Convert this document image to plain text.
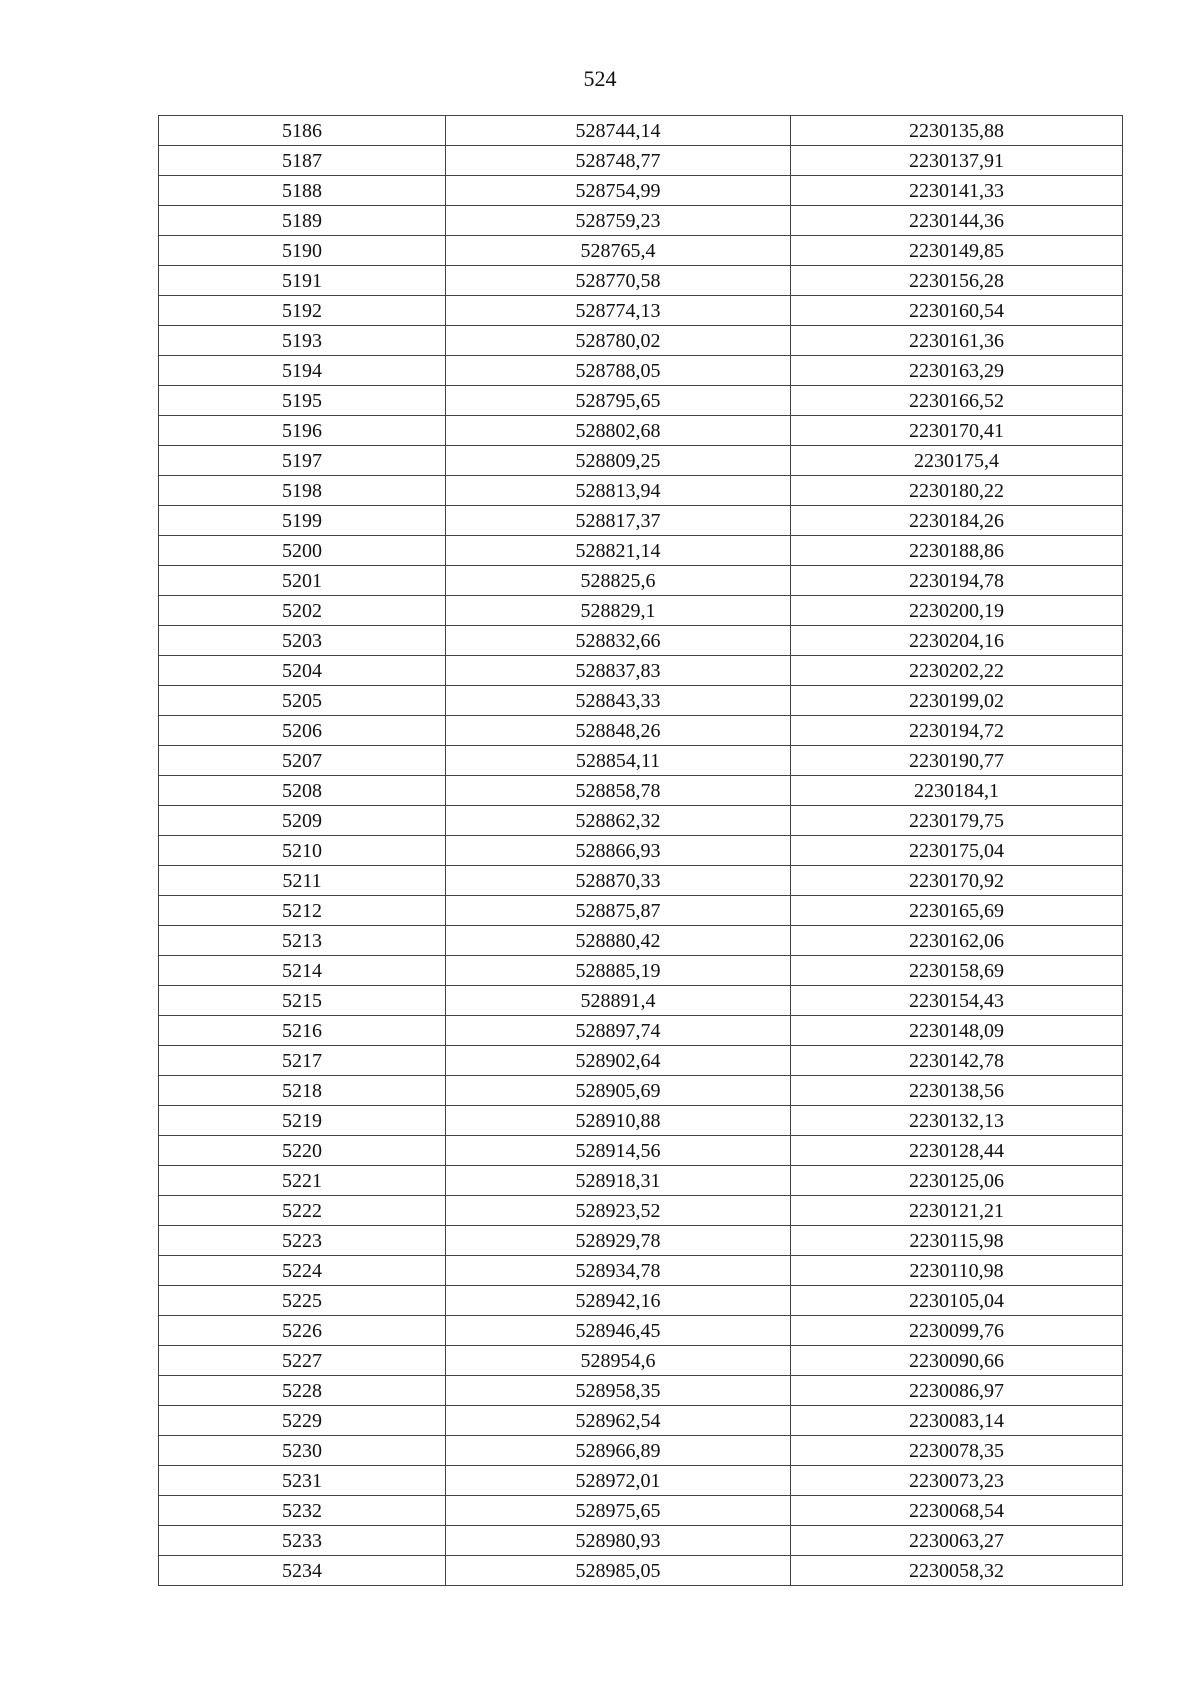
524
5186	528744,14	2230135,88
5187	528748,77	2230137,91
5188	528754,99	2230141,33
5189	528759,23	2230144,36
5190	528765,4	2230149,85
5191	528770,58	2230156,28
5192	528774,13	2230160,54
5193	528780,02	2230161,36
5194	528788,05	2230163,29
5195	528795,65	2230166,52
5196	528802,68	2230170,41
5197	528809,25	2230175,4
5198	528813,94	2230180,22
5199	528817,37	2230184,26
5200	528821,14	2230188,86
5201	528825,6	2230194,78
5202	528829,1	2230200,19
5203	528832,66	2230204,16
5204	528837,83	2230202,22
5205	528843,33	2230199,02
5206	528848,26	2230194,72
5207	528854,11	2230190,77
5208	528858,78	2230184,1
5209	528862,32	2230179,75
5210	528866,93	2230175,04
5211	528870,33	2230170,92
5212	528875,87	2230165,69
5213	528880,42	2230162,06
5214	528885,19	2230158,69
5215	528891,4	2230154,43
5216	528897,74	2230148,09
5217	528902,64	2230142,78
5218	528905,69	2230138,56
5219	528910,88	2230132,13
5220	528914,56	2230128,44
5221	528918,31	2230125,06
5222	528923,52	2230121,21
5223	528929,78	2230115,98
5224	528934,78	2230110,98
5225	528942,16	2230105,04
5226	528946,45	2230099,76
5227	528954,6	2230090,66
5228	528958,35	2230086,97
5229	528962,54	2230083,14
5230	528966,89	2230078,35
5231	528972,01	2230073,23
5232	528975,65	2230068,54
5233	528980,93	2230063,27
5234	528985,05	2230058,32
